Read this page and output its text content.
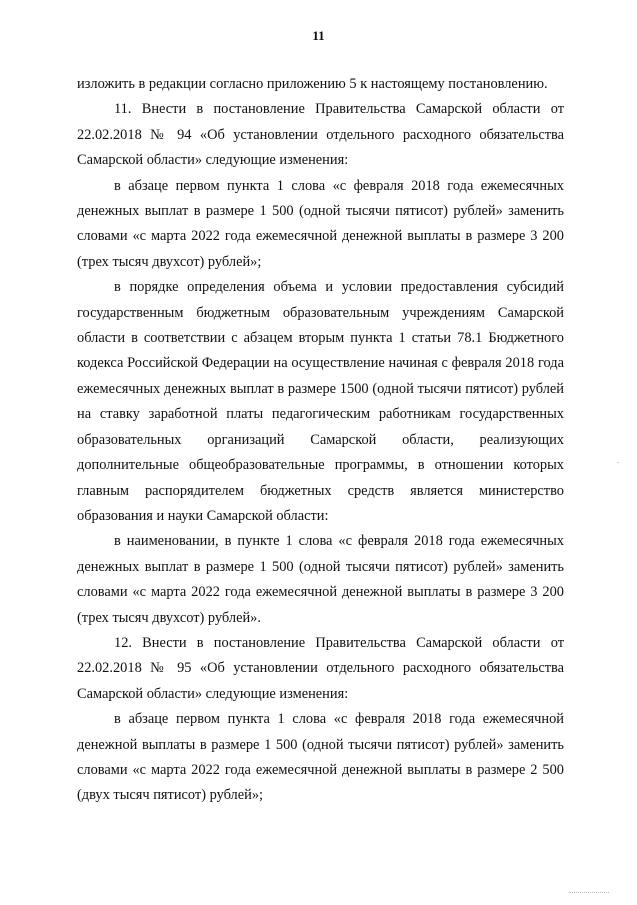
11

изложить в редакции согласно приложению 5 к настоящему постановлению.

11. Внести в постановление Правительства Самарской области от 22.02.2018 № 94 «Об установлении отдельного расходного обязательства Самарской области» следующие изменения:

в абзаце первом пункта 1 слова «с февраля 2018 года ежемесячных денежных выплат в размере 1 500 (одной тысячи пятисот) рублей» заменить словами «с марта 2022 года ежемесячной денежной выплаты в размере 3 200 (трех тысяч двухсот) рублей»;

в порядке определения объема и условии предоставления субсидий государственным бюджетным образовательным учреждениям Самарской области в соответствии с абзацем вторым пункта 1 статьи 78.1 Бюджетного кодекса Российской Федерации на осуществление начиная с февраля 2018 года ежемесячных денежных выплат в размере 1500 (одной тысячи пятисот) рублей на ставку заработной платы педагогическим работникам государственных образовательных организаций Самарской области, реализующих дополнительные общеобразовательные программы, в отношении которых главным распорядителем бюджетных средств является министерство образования и науки Самарской области:

в наименовании, в пункте 1 слова «с февраля 2018 года ежемесячных денежных выплат в размере 1 500 (одной тысячи пятисот) рублей» заменить словами «с марта 2022 года ежемесячной денежной выплаты в размере 3 200 (трех тысяч двухсот) рублей».

12. Внести в постановление Правительства Самарской области от 22.02.2018 № 95 «Об установлении отдельного расходного обязательства Самарской области» следующие изменения:

в абзаце первом пункта 1 слова «с февраля 2018 года ежемесячной денежной выплаты в размере 1 500 (одной тысячи пятисот) рублей» заменить словами «с марта 2022 года ежемесячной денежной выплаты в размере 2 500 (двух тысяч пятисот) рублей»;
